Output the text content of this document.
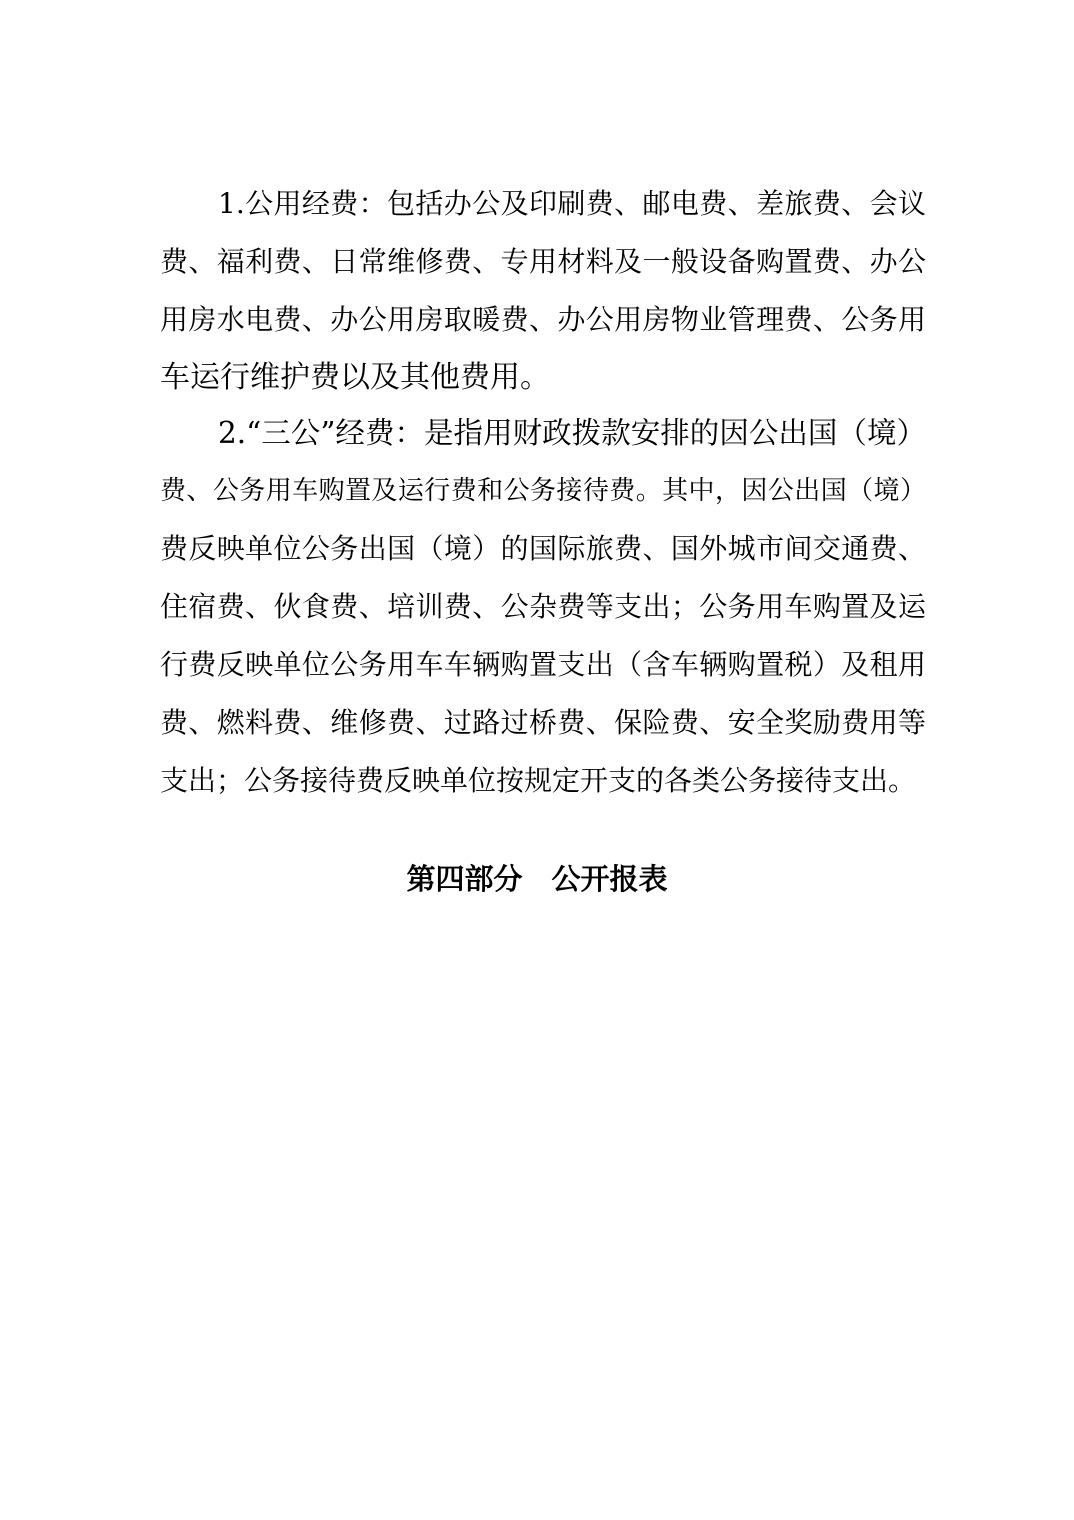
1.公用经费：包括办公及印刷费、邮电费、差旅费、会议
费、福利费、日常维修费、专用材料及一般设备购置费、办公
用房水电费、办公用房取暖费、办公用房物业管理费、公务用
车运行维护费以及其他费用。
2.“三公”经费：是指用财政拨款安排的因公出国（境）
费、公务用车购置及运行费和公务接待费。其中，因公出国（境）
费反映单位公务出国（境）的国际旅费、国外城市间交通费、
住宿费、伙食费、培训费、公杂费等支出；公务用车购置及运
行费反映单位公务用车车辆购置支出（含车辆购置税）及租用
费、燃料费、维修费、过路过桥费、保险费、安全奖励费用等
支出；公务接待费反映单位按规定开支的各类公务接待支出。
第四部分　公开报表
